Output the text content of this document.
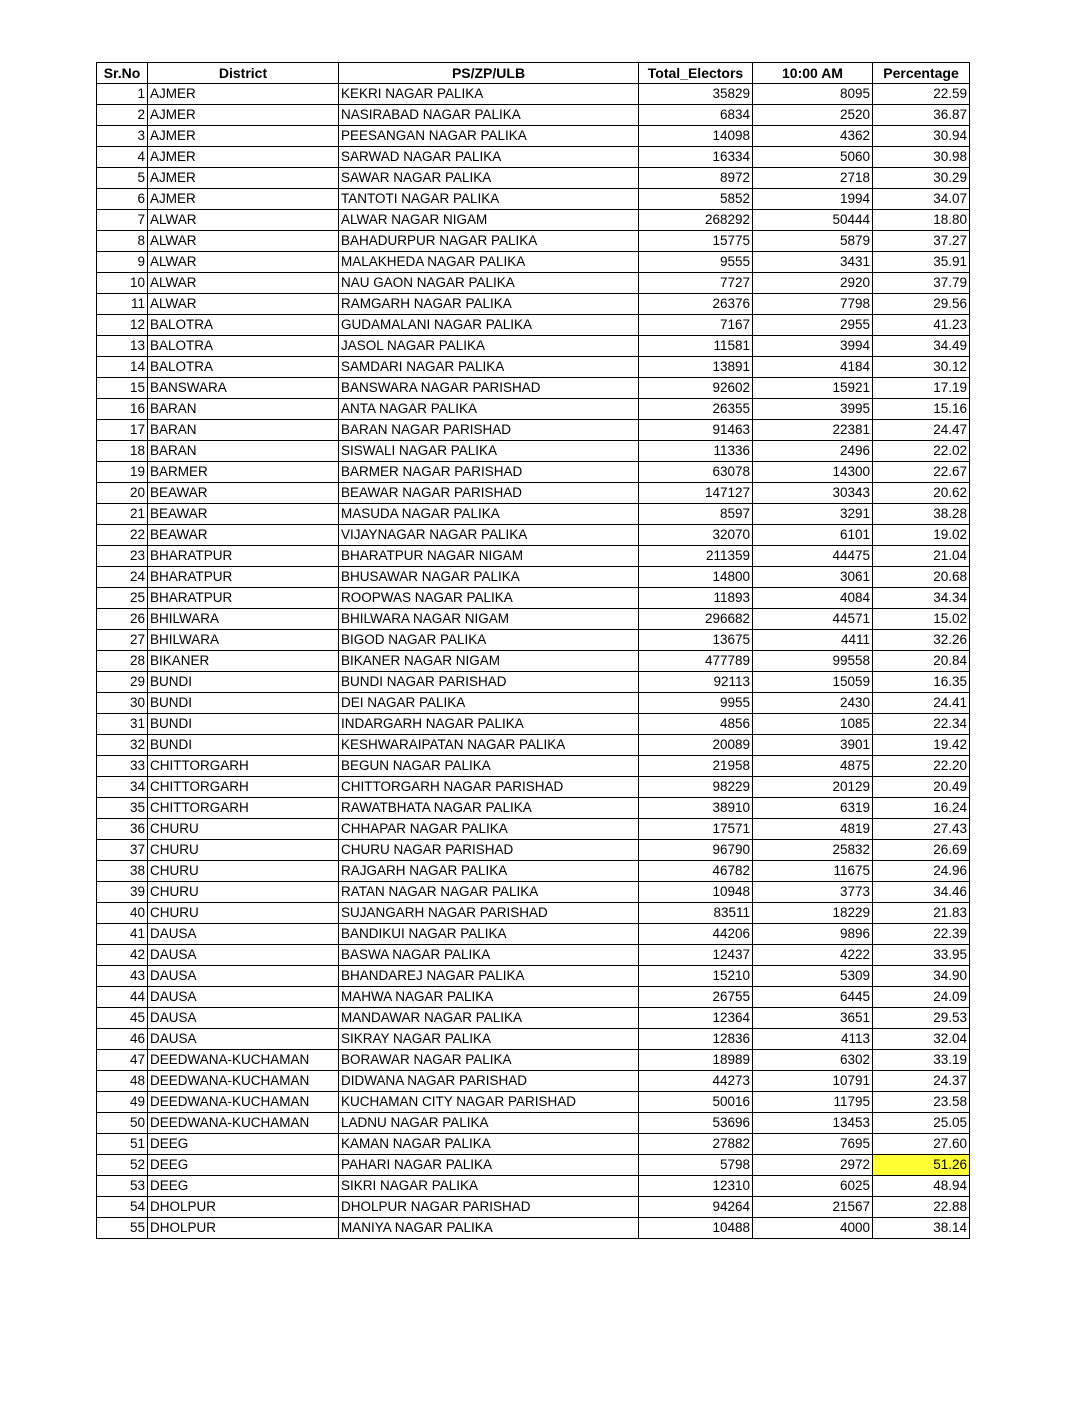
Sr.No	District	PS/ZP/ULB	Total_Electors	10:00 AM	Percentage
1	AJMER	KEKRI NAGAR PALIKA	35829	8095	22.59
2	AJMER	NASIRABAD NAGAR PALIKA	6834	2520	36.87
3	AJMER	PEESANGAN NAGAR PALIKA	14098	4362	30.94
4	AJMER	SARWAD NAGAR PALIKA	16334	5060	30.98
5	AJMER	SAWAR NAGAR PALIKA	8972	2718	30.29
6	AJMER	TANTOTI NAGAR PALIKA	5852	1994	34.07
7	ALWAR	ALWAR NAGAR NIGAM	268292	50444	18.80
8	ALWAR	BAHADURPUR NAGAR PALIKA	15775	5879	37.27
9	ALWAR	MALAKHEDA NAGAR PALIKA	9555	3431	35.91
10	ALWAR	NAU GAON NAGAR PALIKA	7727	2920	37.79
11	ALWAR	RAMGARH NAGAR PALIKA	26376	7798	29.56
12	BALOTRA	GUDAMALANI NAGAR PALIKA	7167	2955	41.23
13	BALOTRA	JASOL NAGAR PALIKA	11581	3994	34.49
14	BALOTRA	SAMDARI NAGAR PALIKA	13891	4184	30.12
15	BANSWARA	BANSWARA NAGAR PARISHAD	92602	15921	17.19
16	BARAN	ANTA NAGAR PALIKA	26355	3995	15.16
17	BARAN	BARAN NAGAR PARISHAD	91463	22381	24.47
18	BARAN	SISWALI NAGAR PALIKA	11336	2496	22.02
19	BARMER	BARMER NAGAR PARISHAD	63078	14300	22.67
20	BEAWAR	BEAWAR NAGAR PARISHAD	147127	30343	20.62
21	BEAWAR	MASUDA NAGAR PALIKA	8597	3291	38.28
22	BEAWAR	VIJAYNAGAR NAGAR PALIKA	32070	6101	19.02
23	BHARATPUR	BHARATPUR NAGAR NIGAM	211359	44475	21.04
24	BHARATPUR	BHUSAWAR NAGAR PALIKA	14800	3061	20.68
25	BHARATPUR	ROOPWAS NAGAR PALIKA	11893	4084	34.34
26	BHILWARA	BHILWARA NAGAR NIGAM	296682	44571	15.02
27	BHILWARA	BIGOD NAGAR PALIKA	13675	4411	32.26
28	BIKANER	BIKANER NAGAR NIGAM	477789	99558	20.84
29	BUNDI	BUNDI NAGAR PARISHAD	92113	15059	16.35
30	BUNDI	DEI NAGAR PALIKA	9955	2430	24.41
31	BUNDI	INDARGARH NAGAR PALIKA	4856	1085	22.34
32	BUNDI	KESHWARAIPATAN NAGAR PALIKA	20089	3901	19.42
33	CHITTORGARH	BEGUN NAGAR PALIKA	21958	4875	22.20
34	CHITTORGARH	CHITTORGARH NAGAR PARISHAD	98229	20129	20.49
35	CHITTORGARH	RAWATBHATA NAGAR PALIKA	38910	6319	16.24
36	CHURU	CHHAPAR NAGAR PALIKA	17571	4819	27.43
37	CHURU	CHURU NAGAR PARISHAD	96790	25832	26.69
38	CHURU	RAJGARH NAGAR PALIKA	46782	11675	24.96
39	CHURU	RATAN NAGAR NAGAR PALIKA	10948	3773	34.46
40	CHURU	SUJANGARH NAGAR PARISHAD	83511	18229	21.83
41	DAUSA	BANDIKUI NAGAR PALIKA	44206	9896	22.39
42	DAUSA	BASWA NAGAR PALIKA	12437	4222	33.95
43	DAUSA	BHANDAREJ NAGAR PALIKA	15210	5309	34.90
44	DAUSA	MAHWA NAGAR PALIKA	26755	6445	24.09
45	DAUSA	MANDAWAR NAGAR PALIKA	12364	3651	29.53
46	DAUSA	SIKRAY NAGAR PALIKA	12836	4113	32.04
47	DEEDWANA-KUCHAMAN	BORAWAR NAGAR PALIKA	18989	6302	33.19
48	DEEDWANA-KUCHAMAN	DIDWANA NAGAR PARISHAD	44273	10791	24.37
49	DEEDWANA-KUCHAMAN	KUCHAMAN CITY NAGAR PARISHAD	50016	11795	23.58
50	DEEDWANA-KUCHAMAN	LADNU NAGAR PALIKA	53696	13453	25.05
51	DEEG	KAMAN NAGAR PALIKA	27882	7695	27.60
52	DEEG	PAHARI NAGAR PALIKA	5798	2972	51.26
53	DEEG	SIKRI NAGAR PALIKA	12310	6025	48.94
54	DHOLPUR	DHOLPUR NAGAR PARISHAD	94264	21567	22.88
55	DHOLPUR	MANIYA NAGAR PALIKA	10488	4000	38.14
